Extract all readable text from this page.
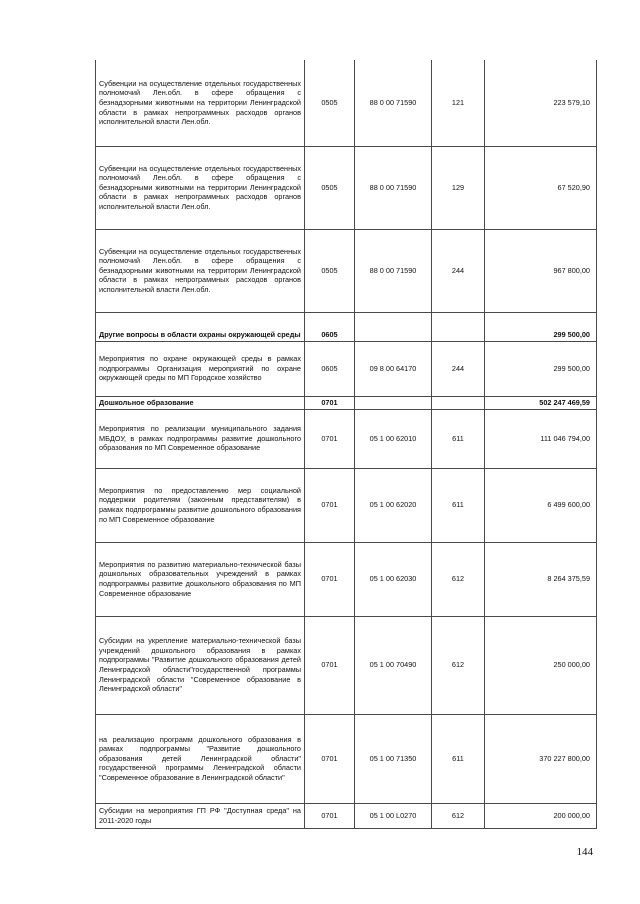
Субвенции на осуществление отдельных государственных полномочий Лен.обл. в сфере обращения с безнадзорными животными на территории Ленинградской области в рамках непрограммных расходов органов исполнительной власти Лен.обл.	0505	88 0 00 71590	121	223 579,10
Субвенции на осуществление отдельных государственных полномочий Лен.обл. в сфере обращения с безнадзорными животными на территории Ленинградской области в рамках непрограммных расходов органов исполнительной власти Лен.обл.	0505	88 0 00 71590	129	67 520,90
Субвенции на осуществление отдельных государственных полномочий Лен.обл. в сфере обращения с безнадзорными животными на территории Ленинградской области в рамках непрограммных расходов органов исполнительной власти Лен.обл.	0505	88 0 00 71590	244	967 800,00
Другие вопросы в области охраны окружающей среды	0605			299 500,00
Мероприятия по охране окружающей среды в рамках подпрограммы Организация мероприятий по охране окружающей среды по МП Городское хозяйство	0605	09 8 00 64170	244	299 500,00
Дошкольное образование	0701			502 247 469,59
Мероприятия по реализации муниципального задания МБДОУ, в рамках подпрограммы развитие дошкольного образования по МП Современное образование	0701	05 1 00 62010	611	111 046 794,00
Мероприятия по предоставлению мер социальной поддержки родителям (законным представителям) в рамках подпрограммы развитие дошкольного образования по МП Современное образование	0701	05 1 00 62020	611	6 499 600,00
Мероприятия по развитию материально-технической базы дошкольных образовательных учреждений в рамках подпрограммы развитие дошкольного образования по МП Современное образование	0701	05 1 00 62030	612	8 264 375,59
Субсидии на укрепление материально-технической базы учреждений дошкольного образования в рамках подпрограммы "Развитие дошкольного образования детей Ленинградской области"государственной программы Ленинградской области "Современное образование в Ленинградской области"	0701	05 1 00 70490	612	250 000,00
на реализацию программ дошкольного образования в рамках подпрограммы "Развитие дошкольного образования детей Ленинградской области" государственной программы Ленинградской области "Современное образование в Ленинградской области"	0701	05 1 00 71350	611	370 227 800,00
Субсидии на мероприятия ГП РФ "Доступная среда" на 2011-2020 годы	0701	05 1 00 L0270	612	200 000,00
144
